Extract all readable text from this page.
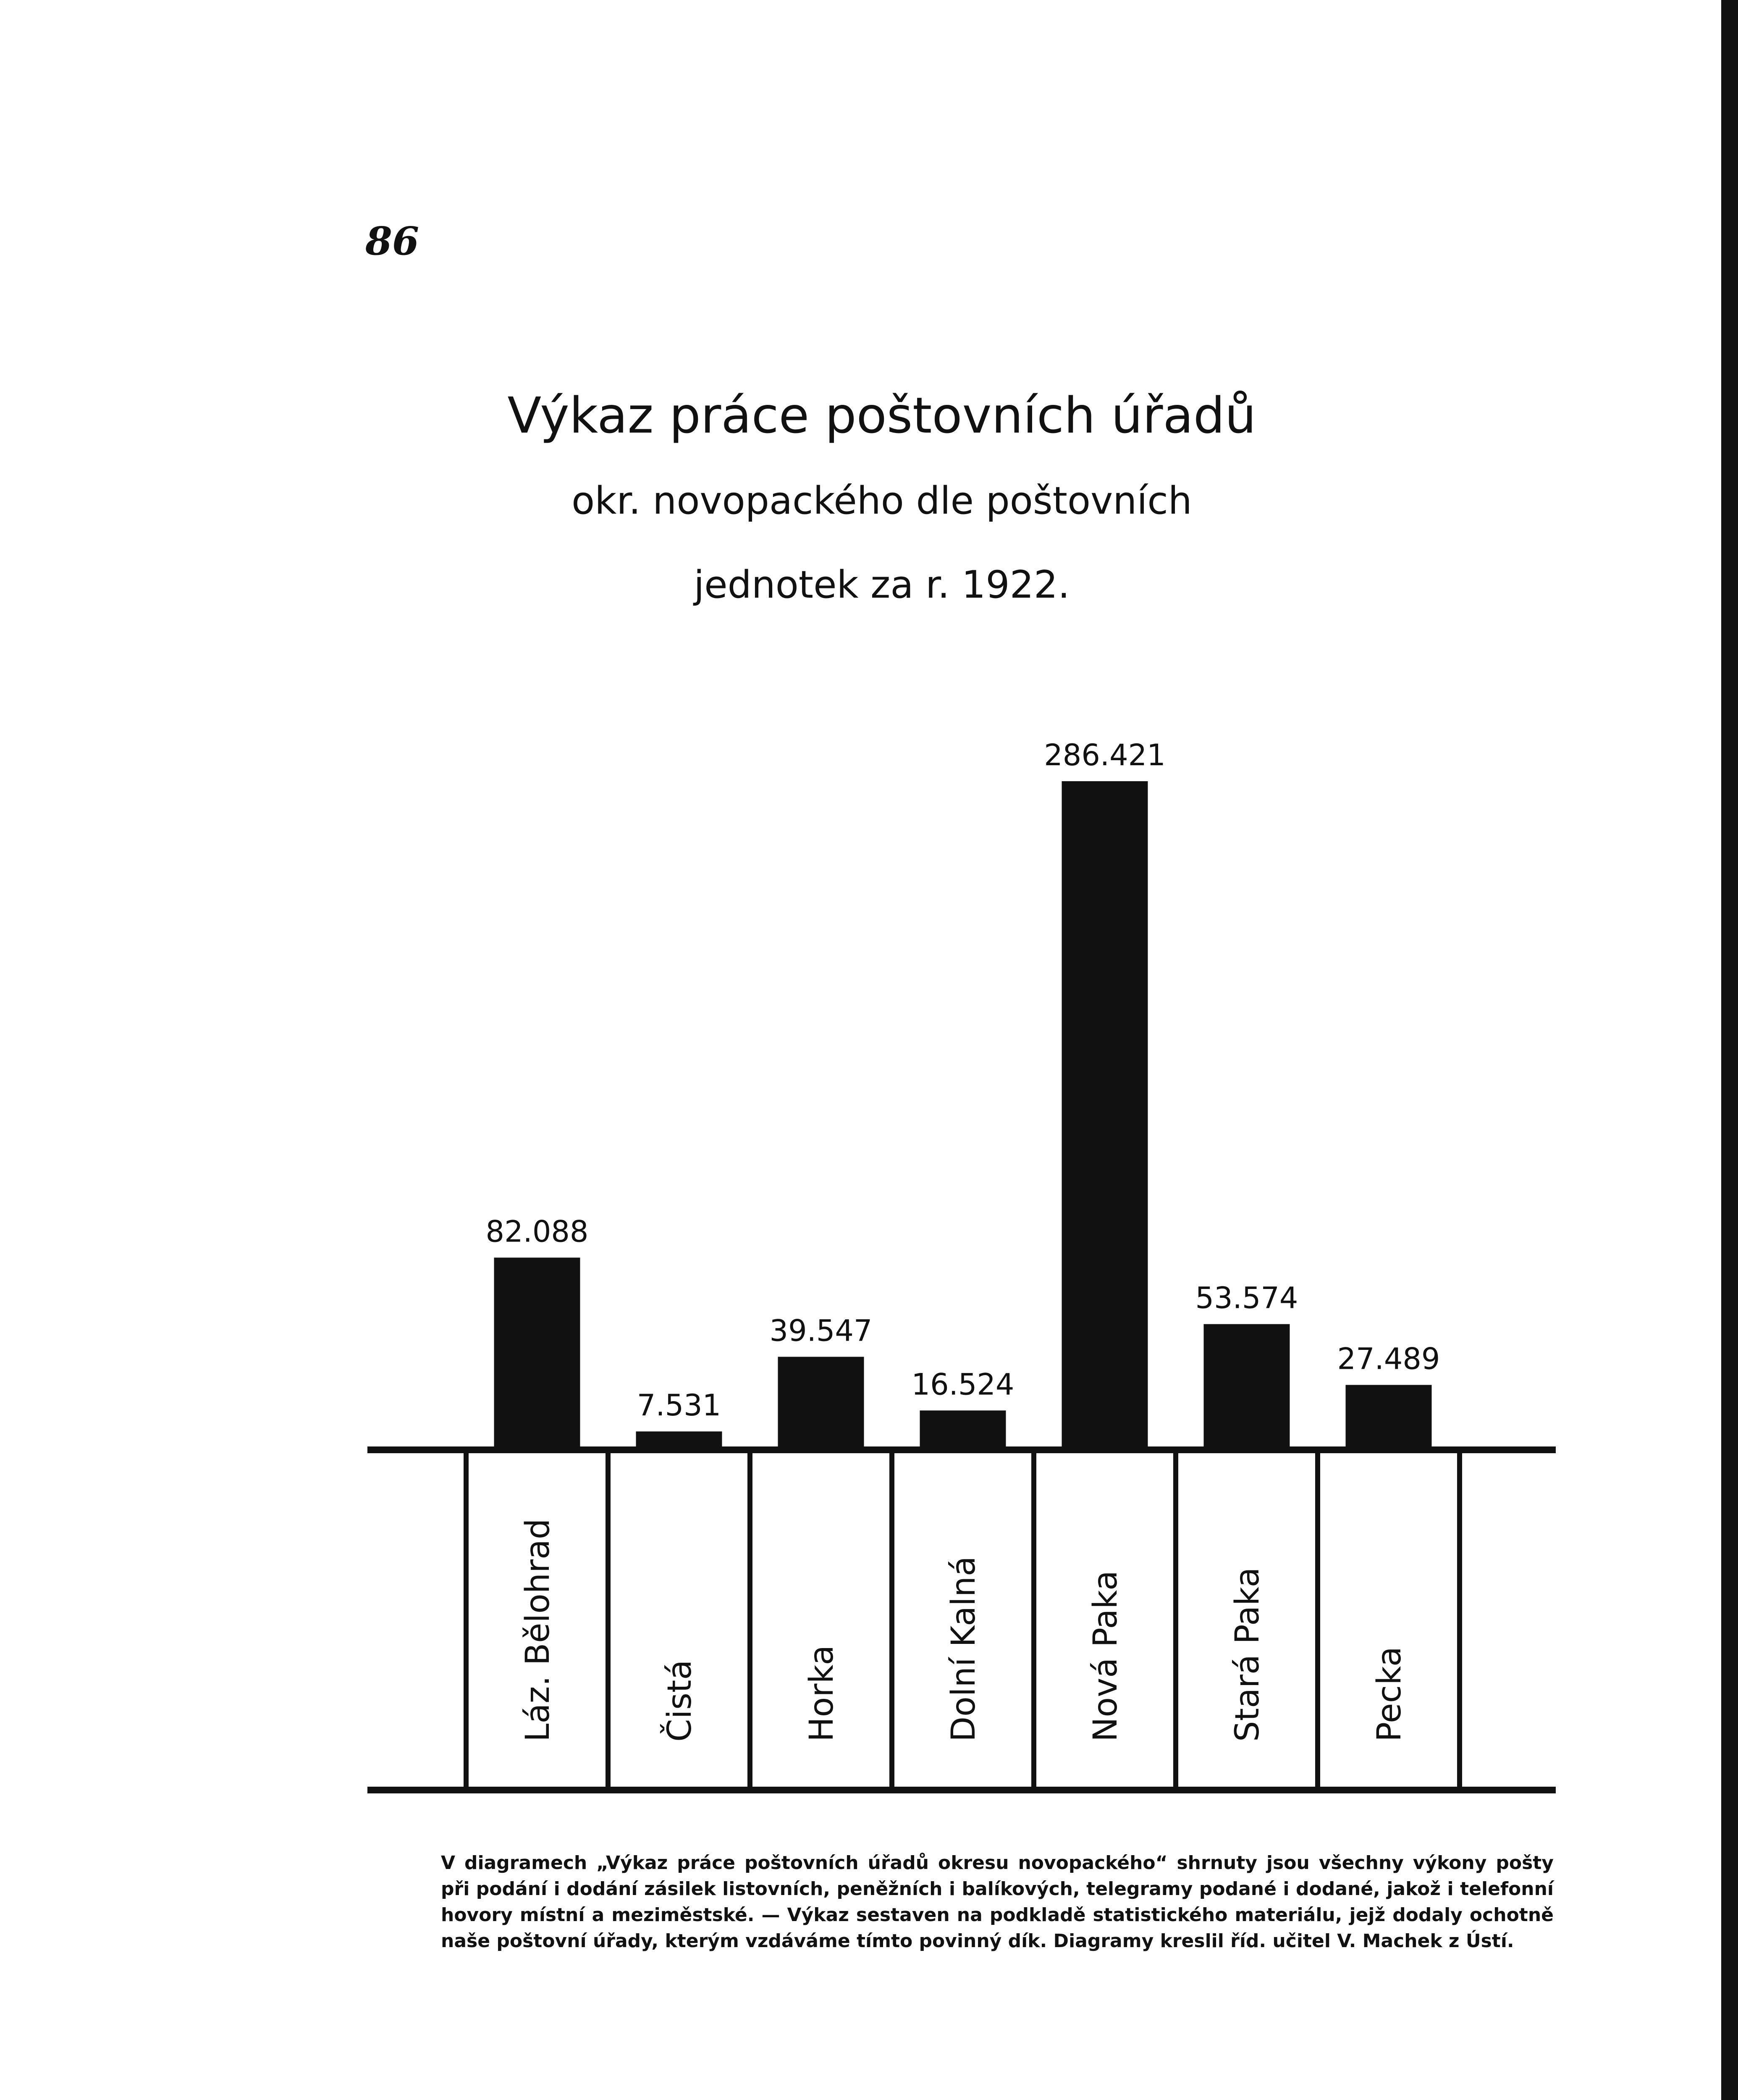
86
Výkaz práce poštovních úřadů
okr. novopackého dle poštovních
jednotek za r. 1922.
82.088
Láz. Bělohrad
7.531
Čistá
39.547
Horka
16.524
Dolní Kalná
286.421
Nová Paka
53.574
Stará Paka
27.489
Pecka
V diagramech „Výkaz práce poštovních úřadů okresu novopackého“ shrnuty jsou všechny výkony pošty při podání i dodání zásilek listovních, peněžních i balíkových, telegramy podané i dodané, jakož i telefonní hovory místní a meziměstské. — Výkaz sestaven na podkladě statistického materiálu, jejž dodaly ochotně naše poštovní úřady, kterým vzdáváme tímto povinný dík. Diagramy kreslil říd. učitel V. Machek z Ústí.
